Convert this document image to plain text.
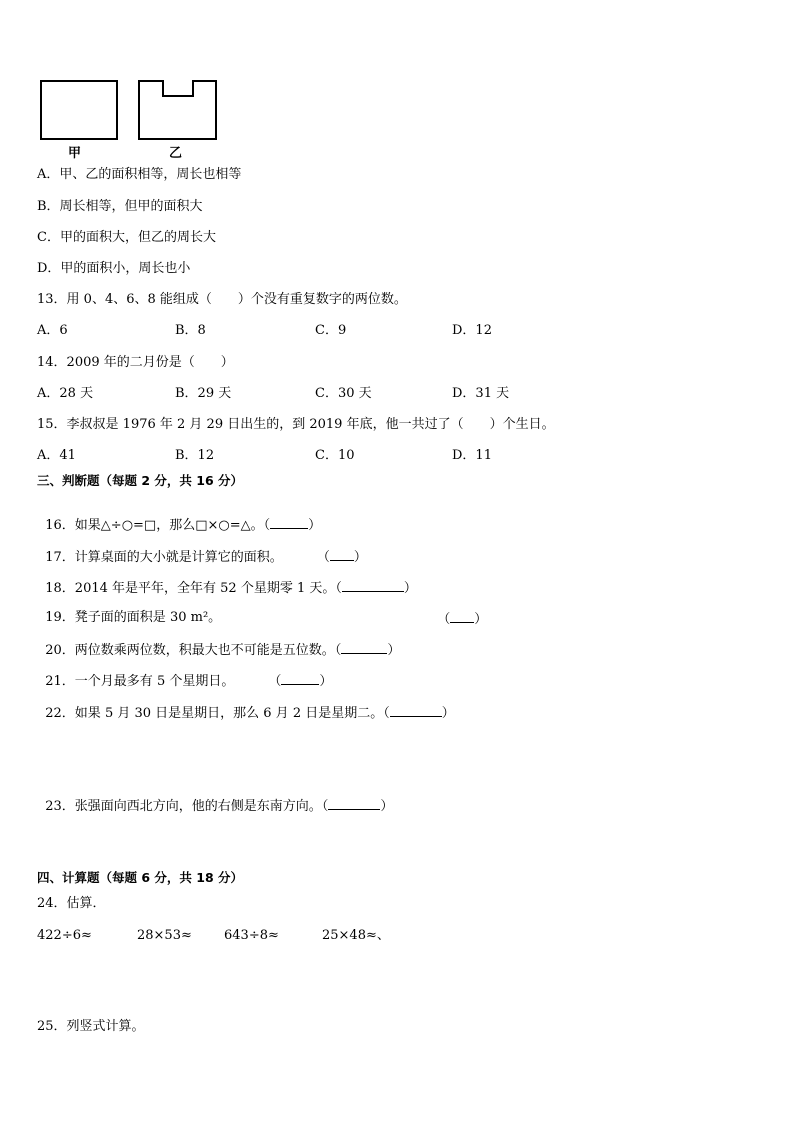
甲	乙
A．甲、乙的面积相等，周长也相等
B．周长相等，但甲的面积大
C．甲的面积大，但乙的周长大
D．甲的面积小，周长也小
13．用 0、4、6、8 能组成（　　）个没有重复数字的两位数。
A．6	B．8	C．9	D．12
14．2009 年的二月份是（　　）
A．28 天	B．29 天	C．30 天	D．31 天
15．李叔叔是 1976 年 2 月 29 日出生的，到 2019 年底，他一共过了（　　）个生日。
A．41	B．12	C．10	D．11
三、判断题（每题 2 分，共 16 分）

16．如果△÷○=□，那么□×○=△。（	）

17．计算桌面的大小就是计算它的面积。	（ ）

18．2014 年是平年，全年有 52 个星期零 1 天。（	）

19．凳子面的面积是 30 m²。	（ ）

20．两位数乘两位数，积最大也不可能是五位数。（	）

21．一个月最多有 5 个星期日。	（	）

22．如果 5 月 30 日是星期日，那么 6 月 2 日是星期二。（	）

23．张强面向西北方向，他的右侧是东南方向。（	）

四、计算题（每题 6 分，共 18 分）
24．估算．
422÷6≈	28×53≈ 643÷8≈	25×48≈、
25．列竖式计算。
